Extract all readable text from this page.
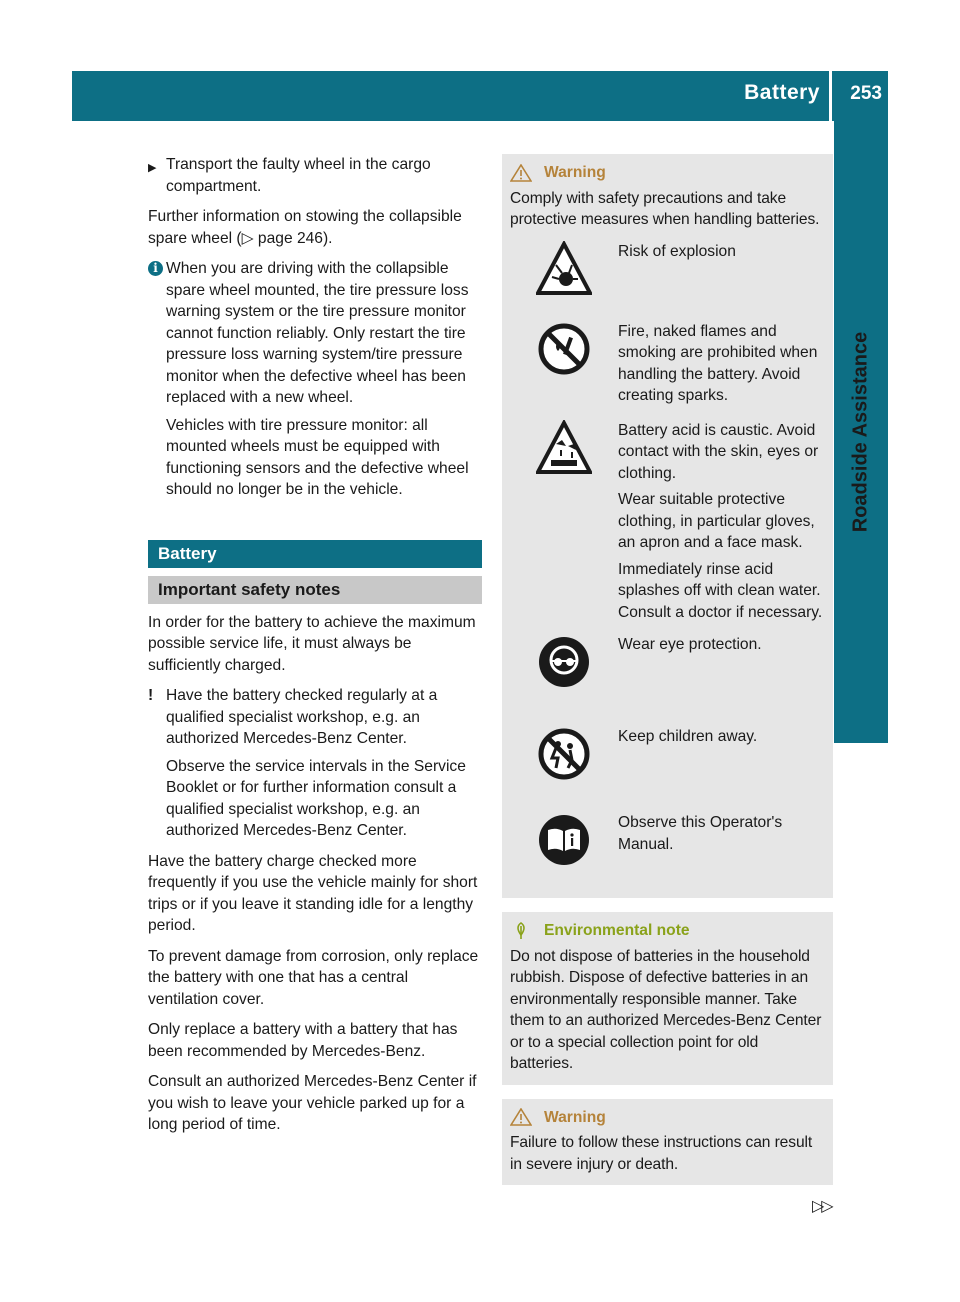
Battery 253
Roadside Assistance
▶ Transport the faulty wheel in the cargo compartment.

Further information on stowing the collapsible spare wheel (▷ page 246).

i When you are driving with the collapsible spare wheel mounted, the tire pressure loss warning system or the tire pressure monitor cannot function reliably. Only restart the tire pressure loss warning system/tire pressure monitor when the defective wheel has been replaced with a new wheel.
Vehicles with tire pressure monitor: all mounted wheels must be equipped with functioning sensors and the defective wheel should no longer be in the vehicle.
Battery
Important safety notes

In order for the battery to achieve the maximum possible service life, it must always be sufficiently charged.

! Have the battery checked regularly at a qualified specialist workshop, e.g. an authorized Mercedes-Benz Center.
Observe the service intervals in the Service Booklet or for further information consult a qualified specialist workshop, e.g. an authorized Mercedes-Benz Center.

Have the battery charge checked more frequently if you use the vehicle mainly for short trips or if you leave it standing idle for a lengthy period.

To prevent damage from corrosion, only replace the battery with one that has a central ventilation cover.

Only replace a battery with a battery that has been recommended by Mercedes-Benz.

Consult an authorized Mercedes-Benz Center if you wish to leave your vehicle parked up for a long period of time.

Warning
Comply with safety precautions and take protective measures when handling batteries.

Risk of explosion

Fire, naked flames and smoking are prohibited when handling the battery. Avoid creating sparks.

Battery acid is caustic. Avoid contact with the skin, eyes or clothing.

Wear suitable protective clothing, in particular gloves, an apron and a face mask.

Immediately rinse acid splashes off with clean water. Consult a doctor if necessary.

Wear eye protection.

Keep children away.

Observe this Operator's Manual.

Environmental note
Do not dispose of batteries in the household rubbish. Dispose of defective batteries in an environmentally responsible manner. Take them to an authorized Mercedes-Benz Center or to a special collection point for old batteries.
Warning
Failure to follow these instructions can result in severe injury or death.
▷▷
